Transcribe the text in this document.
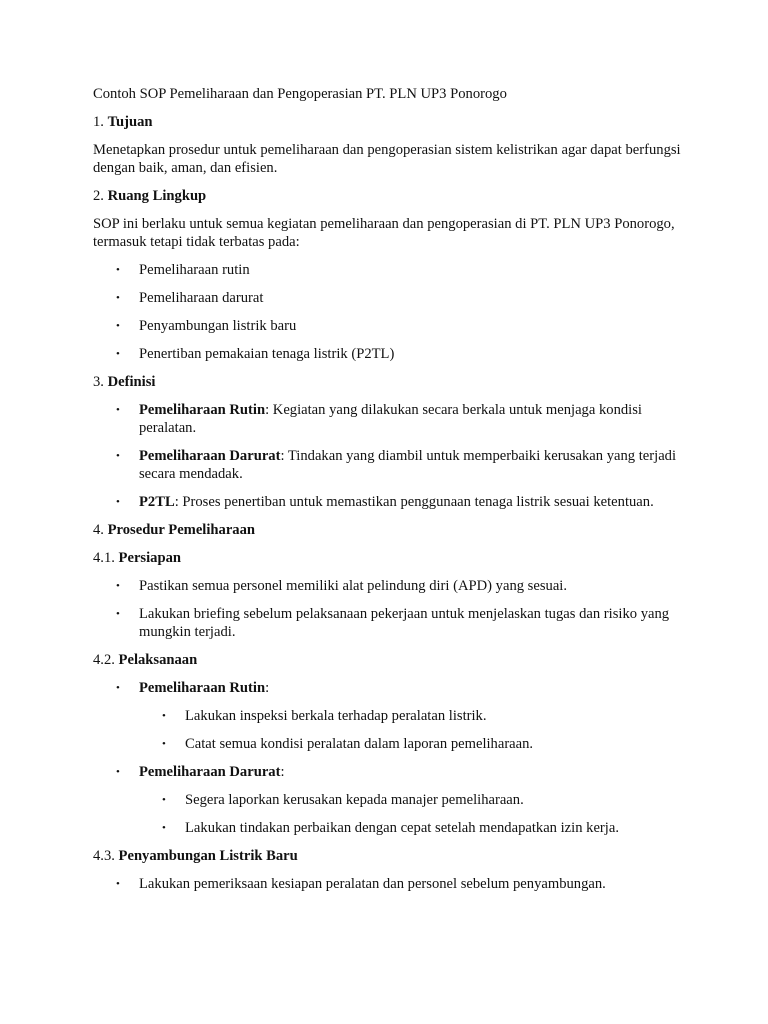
Contoh SOP Pemeliharaan dan Pengoperasian PT. PLN UP3 Ponorogo

1. Tujuan

Menetapkan prosedur untuk pemeliharaan dan pengoperasian sistem kelistrikan agar dapat berfungsi dengan baik, aman, dan efisien.

2. Ruang Lingkup

SOP ini berlaku untuk semua kegiatan pemeliharaan dan pengoperasian di PT. PLN UP3 Ponorogo, termasuk tetapi tidak terbatas pada:

• Pemeliharaan rutin
• Pemeliharaan darurat
• Penyambungan listrik baru
• Penertiban pemakaian tenaga listrik (P2TL)

3. Definisi

• Pemeliharaan Rutin: Kegiatan yang dilakukan secara berkala untuk menjaga kondisi peralatan.
• Pemeliharaan Darurat: Tindakan yang diambil untuk memperbaiki kerusakan yang terjadi secara mendadak.
• P2TL: Proses penertiban untuk memastikan penggunaan tenaga listrik sesuai ketentuan.

4. Prosedur Pemeliharaan

4.1. Persiapan

• Pastikan semua personel memiliki alat pelindung diri (APD) yang sesuai.
• Lakukan briefing sebelum pelaksanaan pekerjaan untuk menjelaskan tugas dan risiko yang mungkin terjadi.

4.2. Pelaksanaan

• Pemeliharaan Rutin:
• Lakukan inspeksi berkala terhadap peralatan listrik.
• Catat semua kondisi peralatan dalam laporan pemeliharaan.
• Pemeliharaan Darurat:
• Segera laporkan kerusakan kepada manajer pemeliharaan.
• Lakukan tindakan perbaikan dengan cepat setelah mendapatkan izin kerja.

4.3. Penyambungan Listrik Baru

• Lakukan pemeriksaan kesiapan peralatan dan personel sebelum penyambungan.
